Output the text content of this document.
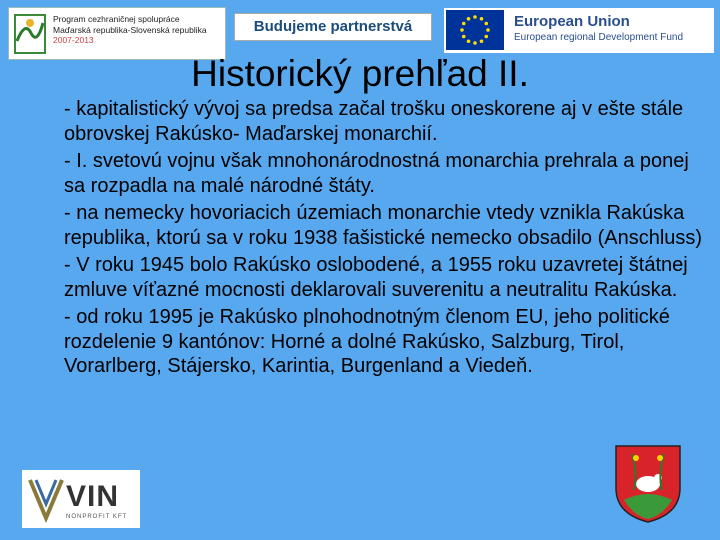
Program cezhraničnej spolupráce
Maďarská republika-Slovenská republika
2007-2013
Budujeme partnerstvá	European Union
European regional Development Fund
Historický prehľad II.

- kapitalistický vývoj sa predsa začal trošku oneskorene aj v ešte stále obrovskej Rakúsko- Maďarskej monarchií.

- I. svetovú vojnu však mnohonárodnostná monarchia prehrala a ponej sa rozpadla na malé národné štáty.

- na nemecky hovoriacich územiach monarchie vtedy vznikla Rakúska republika, ktorú sa v roku 1938 fašistické nemecko obsadilo (Anschluss)

- V roku 1945 bolo Rakúsko oslobodené, a 1955 roku uzavretej štátnej zmluve víťazné mocnosti deklarovali suverenitu a neutralitu Rakúska.

- od roku 1995 je Rakúsko plnohodnotným členom EU, jeho politické rozdelenie 9 kantónov: Horné a dolné Rakúsko, Salzburg, Tirol, Vorarlberg, Stájersko, Karintia, Burgenland a Viedeň.

VIN
NONPROFIT KFT
